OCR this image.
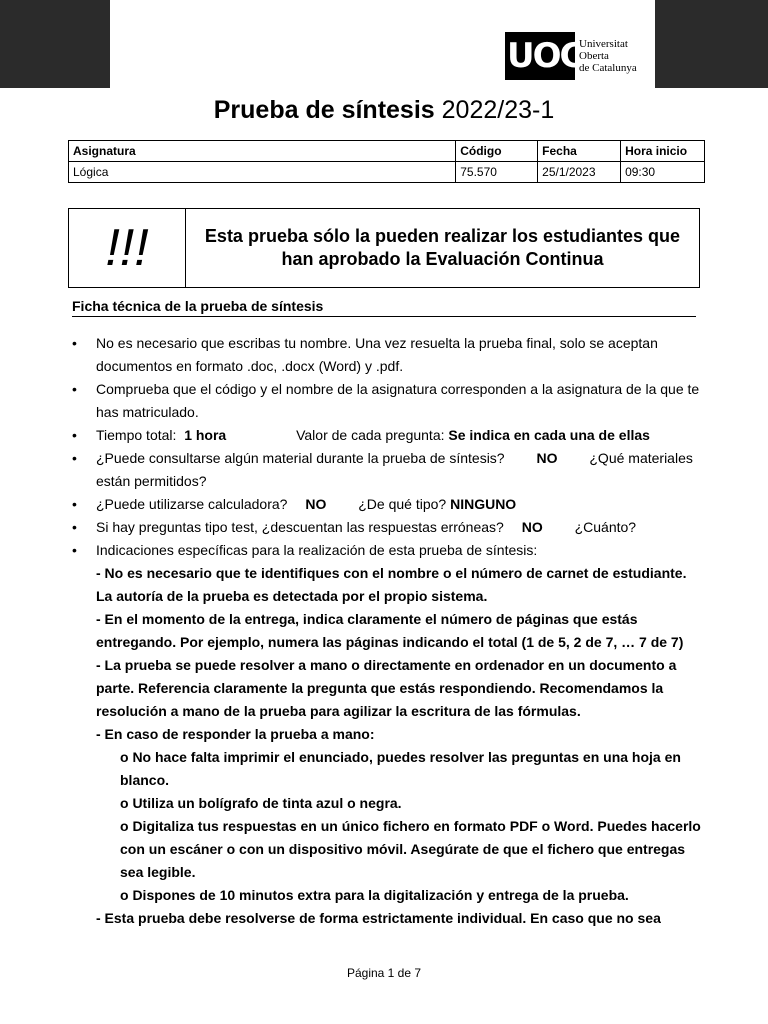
UOC
Universitat
Oberta
de Catalunya
Prueba de síntesis 2022/23-1
Asignatura	Código	Fecha	Hora inicio
Lógica	75.570	25/1/2023	09:30
!!!	Esta prueba sólo la pueden realizar los estudiantes que han aprobado la Evaluación Continua
Ficha técnica de la prueba de síntesis
• No es necesario que escribas tu nombre. Una vez resuelta la prueba final, solo se aceptan documentos en formato .doc, .docx (Word) y .pdf.
• Comprueba que el código y el nombre de la asignatura corresponden a la asignatura de la que te has matriculado.
• Tiempo total: 1 hora	Valor de cada pregunta: Se indica en cada una de ellas
• ¿Puede consultarse algún material durante la prueba de síntesis? NO ¿Qué materiales están permitidos?
• ¿Puede utilizarse calculadora? NO ¿De qué tipo? NINGUNO
• Si hay preguntas tipo test, ¿descuentan las respuestas erróneas? NO ¿Cuánto?
• Indicaciones específicas para la realización de esta prueba de síntesis:
- No es necesario que te identifiques con el nombre o el número de carnet de estudiante. La autoría de la prueba es detectada por el propio sistema.
- En el momento de la entrega, indica claramente el número de páginas que estás entregando. Por ejemplo, numera las páginas indicando el total (1 de 5, 2 de 7, … 7 de 7)
- La prueba se puede resolver a mano o directamente en ordenador en un documento a parte. Referencia claramente la pregunta que estás respondiendo. Recomendamos la resolución a mano de la prueba para agilizar la escritura de las fórmulas.
- En caso de responder la prueba a mano:
o No hace falta imprimir el enunciado, puedes resolver las preguntas en una hoja en blanco.
o Utiliza un bolígrafo de tinta azul o negra.
o Digitaliza tus respuestas en un único fichero en formato PDF o Word. Puedes hacerlo con un escáner o con un dispositivo móvil. Asegúrate de que el fichero que entregas sea legible.
o Dispones de 10 minutos extra para la digitalización y entrega de la prueba.
- Esta prueba debe resolverse de forma estrictamente individual. En caso que no sea
Página 1 de 7
